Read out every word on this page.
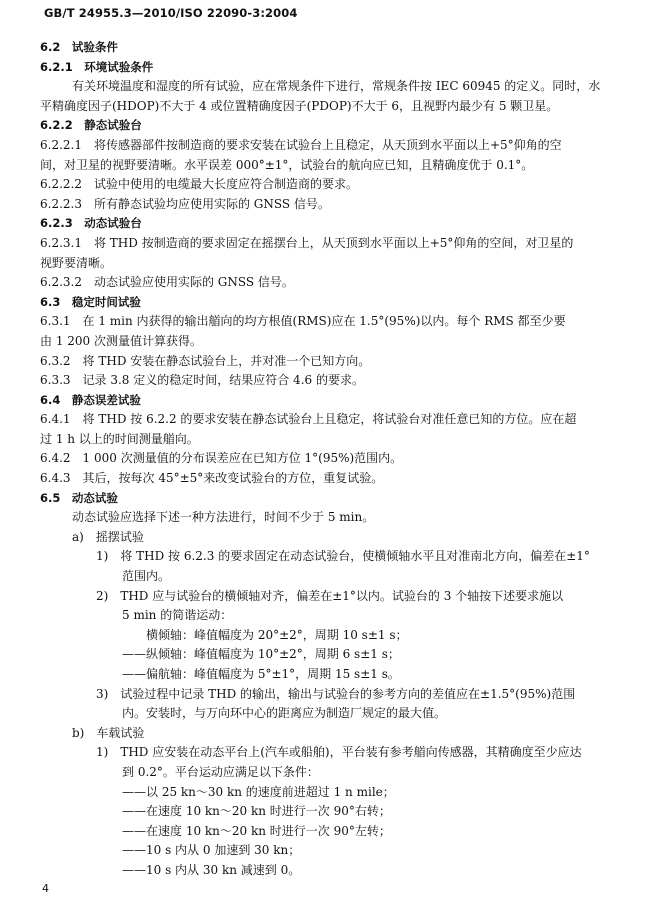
GB/T 24955.3—2010/ISO 22090-3:2004
6.2　试验条件
6.2.1　环境试验条件
有关环境温度和湿度的所有试验，应在常规条件下进行，常规条件按 IEC 60945 的定义。同时，水
平精确度因子(HDOP)不大于 4 或位置精确度因子(PDOP)不大于 6，且视野内最少有 5 颗卫星。
6.2.2　静态试验台
6.2.2.1　将传感器部件按制造商的要求安装在试验台上且稳定，从天顶到水平面以上+5°仰角的空
间，对卫星的视野要清晰。水平误差 000°±1°，试验台的航向应已知，且精确度优于 0.1°。
6.2.2.2　试验中使用的电缆最大长度应符合制造商的要求。
6.2.2.3　所有静态试验均应使用实际的 GNSS 信号。
6.2.3　动态试验台
6.2.3.1　将 THD 按制造商的要求固定在摇摆台上，从天顶到水平面以上+5°仰角的空间，对卫星的
视野要清晰。
6.2.3.2　动态试验应使用实际的 GNSS 信号。
6.3　稳定时间试验
6.3.1　在 1 min 内获得的输出艏向的均方根值(RMS)应在 1.5°(95%)以内。每个 RMS 都至少要
由 1 200 次测量值计算获得。
6.3.2　将 THD 安装在静态试验台上，并对准一个已知方向。
6.3.3　记录 3.8 定义的稳定时间，结果应符合 4.6 的要求。
6.4　静态误差试验
6.4.1　将 THD 按 6.2.2 的要求安装在静态试验台上且稳定，将试验台对准任意已知的方位。应在超
过 1 h 以上的时间测量艏向。
6.4.2　1 000 次测量值的分布误差应在已知方位 1°(95%)范围内。
6.4.3　其后，按每次 45°±5°来改变试验台的方位，重复试验。
6.5　动态试验
动态试验应选择下述一种方法进行，时间不少于 5 min。
a)　摇摆试验
1)　将 THD 按 6.2.3 的要求固定在动态试验台，使横倾轴水平且对准南北方向，偏差在±1°
范围内。
2)　THD 应与试验台的横倾轴对齐，偏差在±1°以内。试验台的 3 个轴按下述要求施以
5 min 的简谐运动：
横倾轴：峰值幅度为 20°±2°，周期 10 s±1 s；
——纵倾轴：峰值幅度为 10°±2°，周期 6 s±1 s；
——偏航轴：峰值幅度为 5°±1°，周期 15 s±1 s。
3)　试验过程中记录 THD 的输出，输出与试验台的参考方向的差值应在±1.5°(95%)范围
内。安装时，与万向环中心的距离应为制造厂规定的最大值。
b)　车载试验
1)　THD 应安装在动态平台上(汽车或船舶)，平台装有参考艏向传感器，其精确度至少应达
到 0.2°。平台运动应满足以下条件：
——以 25 kn～30 kn 的速度前进超过 1 n mile；
——在速度 10 kn～20 kn 时进行一次 90°右转；
——在速度 10 kn～20 kn 时进行一次 90°左转；
——10 s 内从 0 加速到 30 kn；
——10 s 内从 30 kn 减速到 0。
4
